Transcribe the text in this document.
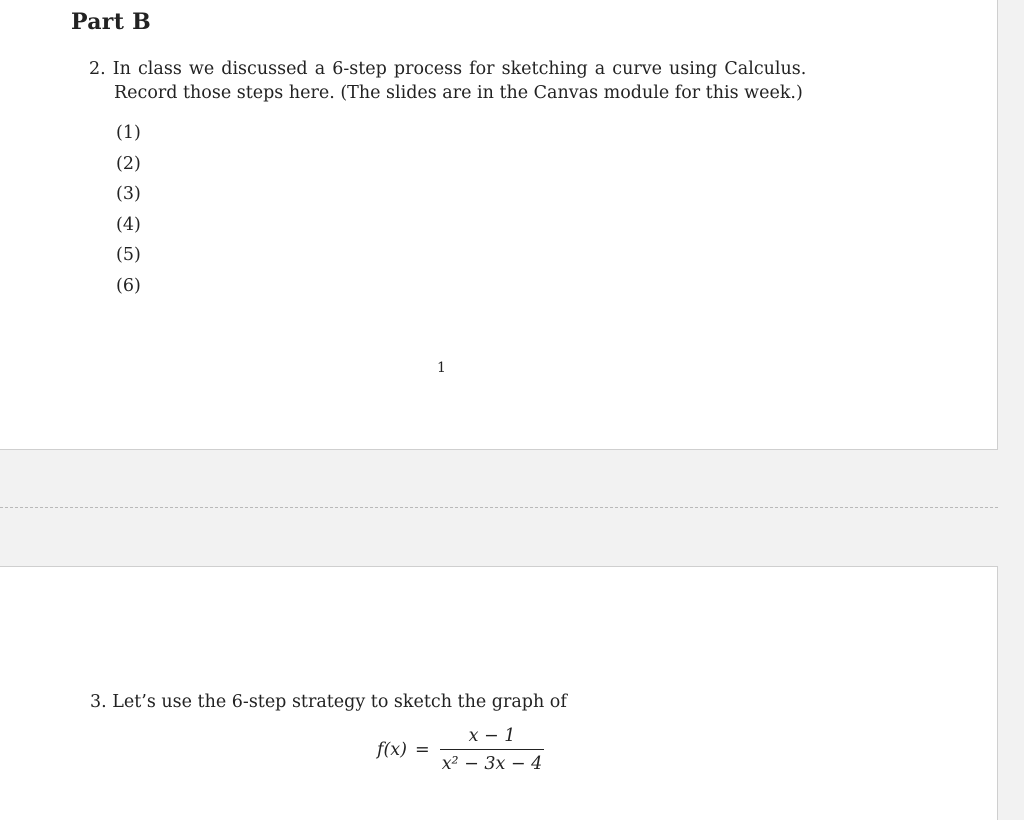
Part B

2. In class we discussed a 6-step process for sketching a curve using Calculus.

Record those steps here. (The slides are in the Canvas module for this week.)

(1)
(2)
(3)
(4)
(5)
(6)
1

3. Let’s use the 6-step strategy to sketch the graph of

$f(x) = \frac{x - 1}{\text{x² − 3x − 4}}$
